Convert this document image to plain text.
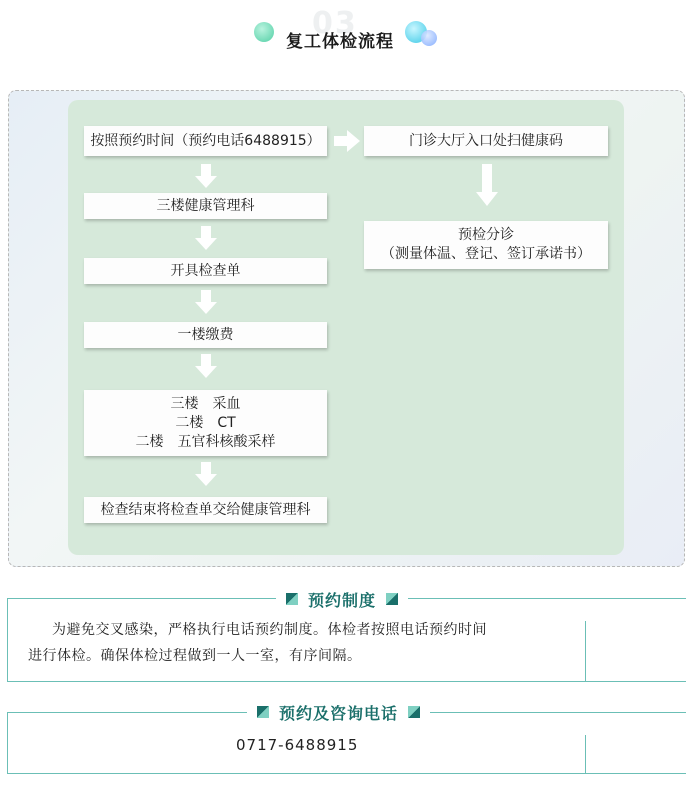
03
复工体检流程
按照预约时间（预约电话6488915）	门诊大厅入口处扫健康码
三楼健康管理科
预检分诊
（测量体温、登记、签订承诺书）
开具检查单
一楼缴费
三楼　采血
二楼　CT
二楼　五官科核酸采样
检查结束将检查单交给健康管理科
预约制度
为避免交叉感染，严格执行电话预约制度。体检者按照电话预约时间
进行体检。确保体检过程做到一人一室，有序间隔。
预约及咨询电话
0717-6488915
